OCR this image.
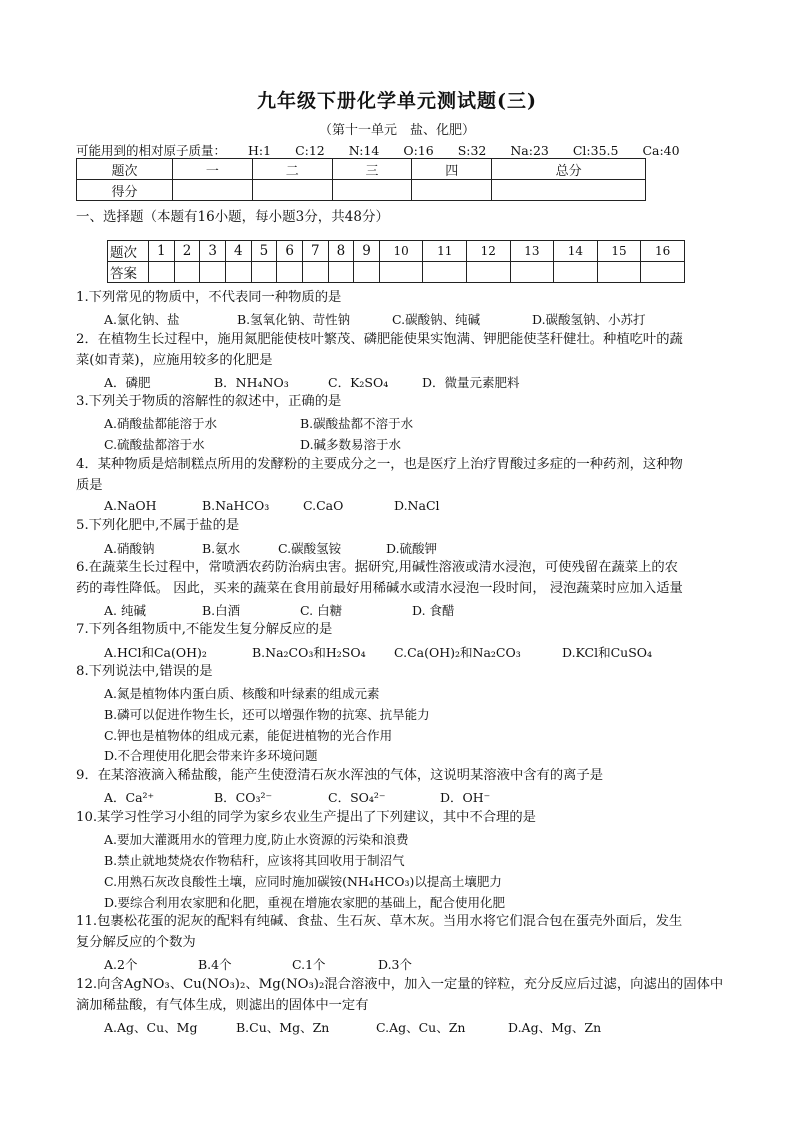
九年级下册化学单元测试题(三)
（第十一单元　盐、化肥）
可能用到的相对原子质量： H:1 C:12 N:14 O:16 S:32 Na:23 Cl:35.5 Ca:40
题次	一	二	三	四	总分
得分					
一、选择题（本题有16小题，每小题3分，共48分）
题次	1	2	3	4	5	6	7	8	9	10	11	12	13	14	15	16
答案																
1.下列常见的物质中，不代表同一种物质的是
A.氯化钠、盐	B.氢氧化钠、苛性钠	C.碳酸钠、纯碱	D.碳酸氢钠、小苏打
2．在植物生长过程中，施用氮肥能使枝叶繁茂、磷肥能使果实饱满、钾肥能使茎秆健壮。种植吃叶的蔬
菜(如青菜)，应施用较多的化肥是
A．磷肥	B．NH₄NO₃	C．K₂SO₄	D．微量元素肥料
3.下列关于物质的溶解性的叙述中，正确的是
A.硝酸盐都能溶于水	B.碳酸盐都不溶于水
C.硫酸盐都溶于水	D.碱多数易溶于水
4．某种物质是焙制糕点所用的发酵粉的主要成分之一，也是医疗上治疗胃酸过多症的一种药剂，这种物
质是
A.NaOH	B.NaHCO₃	C.CaO	D.NaCl
5.下列化肥中,不属于盐的是
A.硝酸钠	B.氨水	C.碳酸氢铵	D.硫酸钾
6.在蔬菜生长过程中，常喷洒农药防治病虫害。据研究,用碱性溶液或清水浸泡，可使残留在蔬菜上的农
药的毒性降低。 因此，买来的蔬菜在食用前最好用稀碱水或清水浸泡一段时间， 浸泡蔬菜时应加入适量
A. 纯碱	B.白酒	C. 白糖	D. 食醋
7.下列各组物质中,不能发生复分解反应的是
A.HCl和Ca(OH)₂	B.Na₂CO₃和H₂SO₄ C.Ca(OH)₂和Na₂CO₃	D.KCl和CuSO₄
8.下列说法中,错误的是
A.氮是植物体内蛋白质、核酸和叶绿素的组成元素
B.磷可以促进作物生长，还可以增强作物的抗寒、抗旱能力
C.钾也是植物体的组成元素，能促进植物的光合作用
D.不合理使用化肥会带来许多环境问题
9．在某溶液滴入稀盐酸，能产生使澄清石灰水浑浊的气体，这说明某溶液中含有的离子是
A．Ca²⁺	B．CO₃²⁻	C．SO₄²⁻	D．OH⁻
10.某学习性学习小组的同学为家乡农业生产提出了下列建议，其中不合理的是
A.要加大灌溉用水的管理力度,防止水资源的污染和浪费
B.禁止就地焚烧农作物秸秆，应该将其回收用于制沼气
C.用熟石灰改良酸性土壤，应同时施加碳铵(NH₄HCO₃)以提高土壤肥力
D.要综合利用农家肥和化肥，重视在增施农家肥的基础上，配合使用化肥
11.包裹松花蛋的泥灰的配料有纯碱、食盐、生石灰、草木灰。当用水将它们混合包在蛋壳外面后，发生
复分解反应的个数为
A.2个	B.4个	C.1个	D.3个
12.向含AgNO₃、Cu(NO₃)₂、Mg(NO₃)₂混合溶液中，加入一定量的锌粒，充分反应后过滤，向滤出的固体中
滴加稀盐酸，有气体生成，则滤出的固体中一定有
A.Ag、Cu、Mg	B.Cu、Mg、Zn	C.Ag、Cu、Zn	D.Ag、Mg、Zn
